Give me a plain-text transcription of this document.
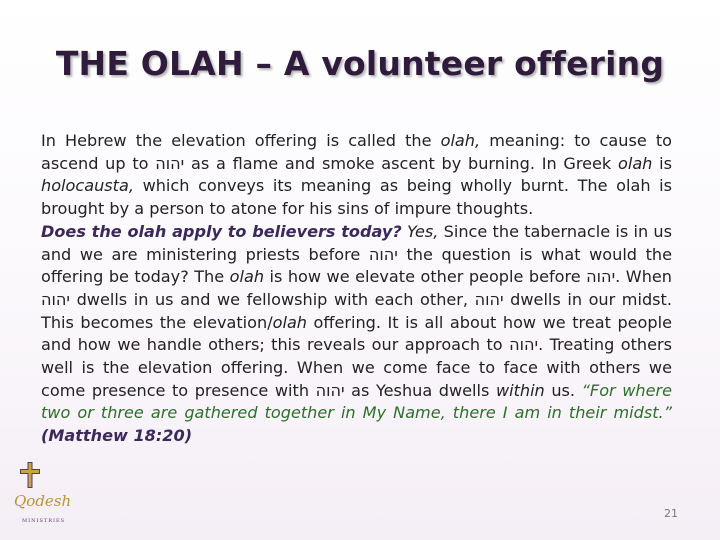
THE OLAH – A volunteer offering

In Hebrew the elevation offering is called the olah, meaning: to cause to ascend up to יהוה as a flame and smoke ascent by burning. In Greek olah is holocausta, which conveys its meaning as being wholly burnt. The olah is brought by a person to atone for his sins of impure thoughts.

Does the olah apply to believers today? Yes, Since the tabernacle is in us and we are ministering priests before יהוה the question is what would the offering be today? The olah is how we elevate other people before יהוה. When יהוה dwells in us and we fellowship with each other, יהוה dwells in our midst. This becomes the elevation/olah offering. It is all about how we treat people and how we handle others; this reveals our approach to יהוה. Treating others well is the elevation offering. When we come face to face with others we come presence to presence with יהוה as Yeshua dwells within us. “For where two or three are gathered together in My Name, there I am in their midst.” (Matthew 18:20)

Qodesh
MINISTRIES
21
